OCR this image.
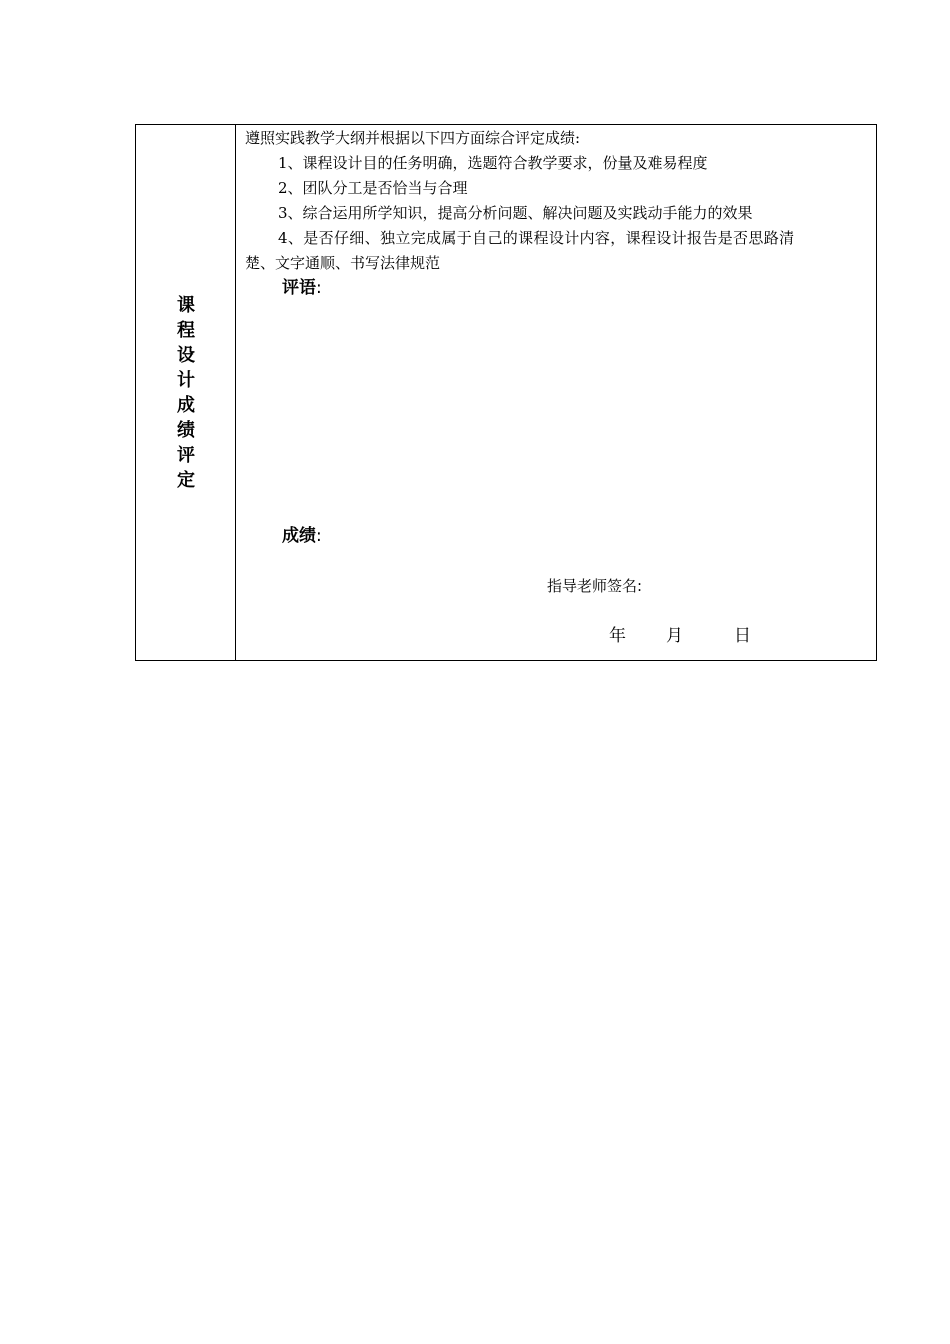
课
程
设
计
成
绩
评
定
遵照实践教学大纲并根据以下四方面综合评定成绩:
1、课程设计目的任务明确，选题符合教学要求，份量及难易程度
2、团队分工是否恰当与合理
3、综合运用所学知识，提高分析问题、解决问题及实践动手能力的效果
4、是否仔细、独立完成属于自己的课程设计内容，课程设计报告是否思路清
楚、文字通顺、书写法律规范
评语:
成绩:
指导老师签名:
年 月	日
